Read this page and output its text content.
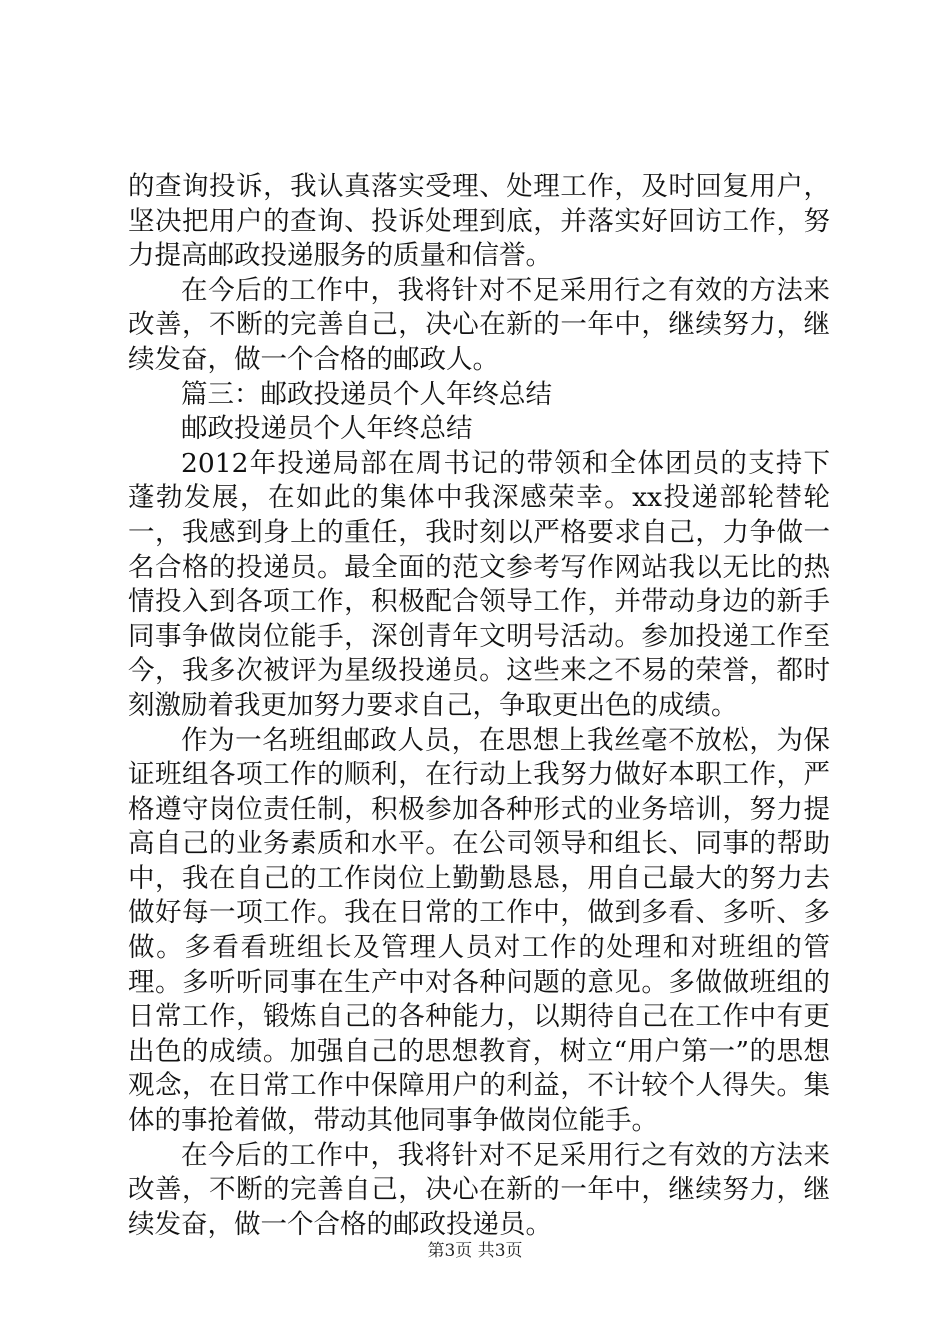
的查询投诉，我认真落实受理、处理工作，及时回复用户，坚决把用户的查询、投诉处理到底，并落实好回访工作，努力提高邮政投递服务的质量和信誉。

在今后的工作中，我将针对不足采用行之有效的方法来改善，不断的完善自己，决心在新的一年中，继续努力，继续发奋，做一个合格的邮政人。

篇三：邮政投递员个人年终总结

邮政投递员个人年终总结

2012年投递局部在周书记的带领和全体团员的支持下蓬勃发展，在如此的集体中我深感荣幸。xx投递部轮替轮一，我感到身上的重任，我时刻以严格要求自己，力争做一名合格的投递员。最全面的范文参考写作网站我以无比的热情投入到各项工作，积极配合领导工作，并带动身边的新手同事争做岗位能手，深创青年文明号活动。参加投递工作至今，我多次被评为星级投递员。这些来之不易的荣誉，都时刻激励着我更加努力要求自己，争取更出色的成绩。

作为一名班组邮政人员，在思想上我丝毫不放松，为保证班组各项工作的顺利，在行动上我努力做好本职工作，严格遵守岗位责任制，积极参加各种形式的业务培训，努力提高自己的业务素质和水平。在公司领导和组长、同事的帮助中，我在自己的工作岗位上勤勤恳恳，用自己最大的努力去做好每一项工作。我在日常的工作中，做到多看、多听、多做。多看看班组长及管理人员对工作的处理和对班组的管理。多听听同事在生产中对各种问题的意见。多做做班组的日常工作，锻炼自己的各种能力，以期待自己在工作中有更出色的成绩。加强自己的思想教育，树立“用户第一”的思想观念，在日常工作中保障用户的利益，不计较个人得失。集体的事抢着做，带动其他同事争做岗位能手。

在今后的工作中，我将针对不足采用行之有效的方法来改善，不断的完善自己，决心在新的一年中，继续努力，继续发奋，做一个合格的邮政投递员。

第3页 共3页
